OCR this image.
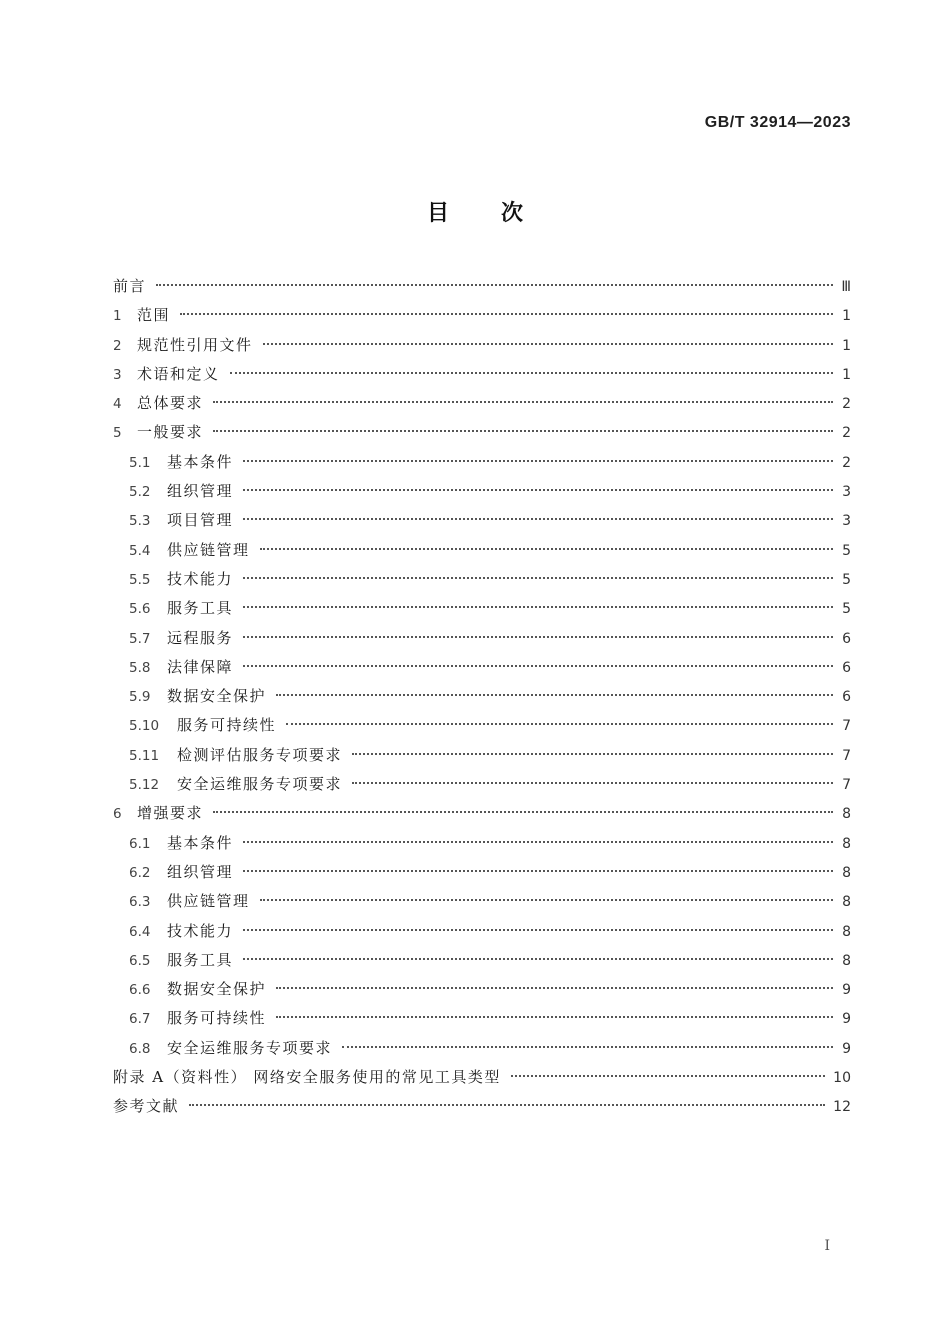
GB/T 32914—2023
目次
前言	Ⅲ
1	范围	1
2	规范性引用文件	1
3	术语和定义	1
4	总体要求	2
5	一般要求	2
5.1	基本条件	2
5.2	组织管理	3
5.3	项目管理	3
5.4	供应链管理	5
5.5	技术能力	5
5.6	服务工具	5
5.7	远程服务	6
5.8	法律保障	6
5.9	数据安全保护	6
5.10	服务可持续性	7
5.11	检测评估服务专项要求	7
5.12	安全运维服务专项要求	7
6	增强要求	8
6.1	基本条件	8
6.2	组织管理	8
6.3	供应链管理	8
6.4	技术能力	8
6.5	服务工具	8
6.6	数据安全保护	9
6.7	服务可持续性	9
6.8	安全运维服务专项要求	9
附录 A（资料性） 网络安全服务使用的常见工具类型	10
参考文献	12
Ⅰ
